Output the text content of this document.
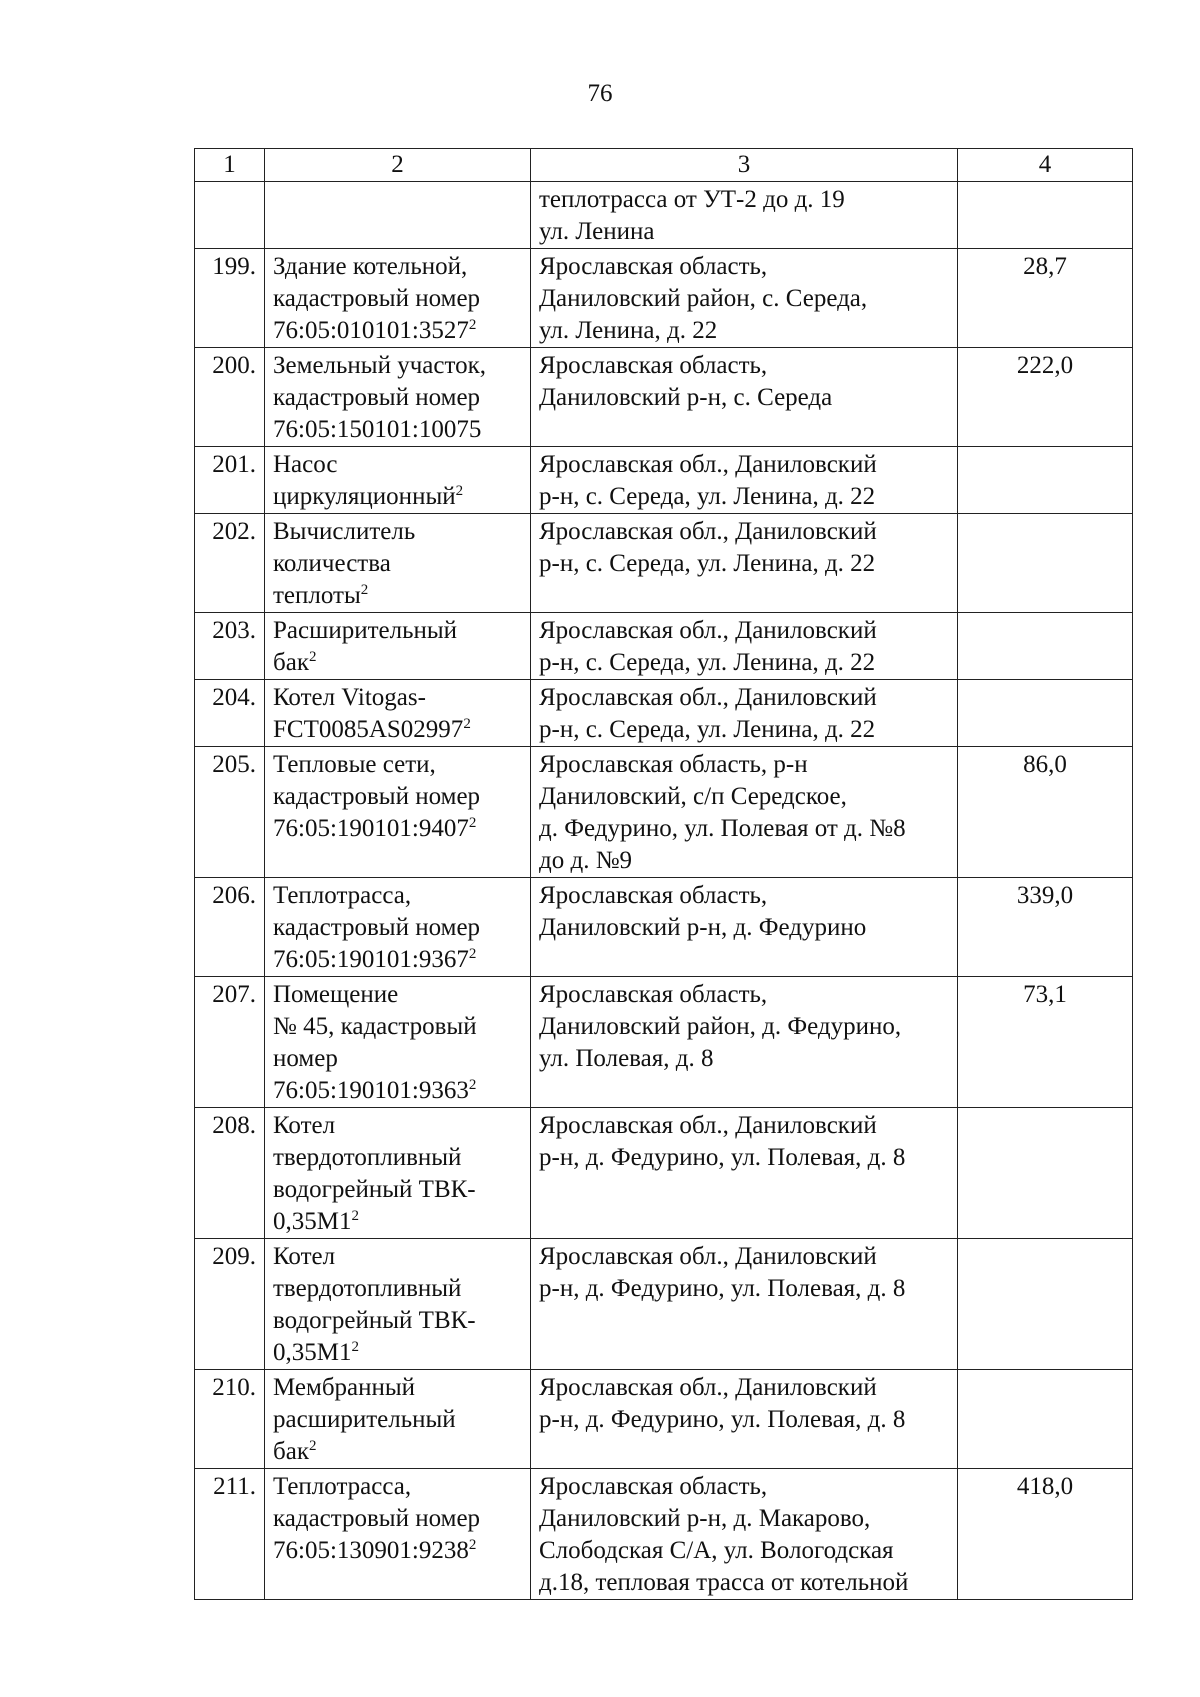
76
1	2	3	4

		теплотрасса от УТ-2 до д. 19
ул. Ленина	

199.	Здание котельной,
кадастровый номер
76:05:010101:3527$^2$	Ярославская область,
Даниловский район, с. Середа,
ул. Ленина, д. 22	28,7
200.	Земельный участок,
кадастровый номер
76:05:150101:10075	Ярославская область,
Даниловский р-н, с. Середа	222,0
201.	Насос
циркуляционный$^2$	Ярославская обл., Даниловский
р-н, с. Середа, ул. Ленина, д. 22	

202.	Вычислитель
количества
теплоты$^2$	Ярославская обл., Даниловский
р-н, с. Середа, ул. Ленина, д. 22	

203.	Расширительный
бак$^2$	Ярославская обл., Даниловский
р-н, с. Середа, ул. Ленина, д. 22	

204.	Котел Vitogas-
FCT0085AS02997$^2$	Ярославская обл., Даниловский
р-н, с. Середа, ул. Ленина, д. 22	

205.	Тепловые сети,
кадастровый номер
76:05:190101:9407$^2$	Ярославская область, р-н
Даниловский, с/п Середское,
д. Федурино, ул. Полевая от д. №8
до д. №9	86,0
206.	Теплотрасса,
кадастровый номер
76:05:190101:9367$^2$	Ярославская область,
Даниловский р-н, д. Федурино	339,0
207.	Помещение
№ 45, кадастровый
номер
76:05:190101:9363$^2$	Ярославская область,
Даниловский район, д. Федурино,
ул. Полевая, д. 8	73,1
208.	Котел
твердотопливный
водогрейный ТВК-
$0,35М1^2$	Ярославская обл., Даниловский
р-н, д. Федурино, ул. Полевая, д. 8	

209.	Котел
твердотопливный
водогрейный ТВК-
$0,35М1^2$	Ярославская обл., Даниловский
р-н, д. Федурино, ул. Полевая, д. 8	

210.	Мембранный
расширительный
бак$^2$	Ярославская обл., Даниловский
р-н, д. Федурино, ул. Полевая, д. 8	

211.	Теплотрасса,
кадастровый номер
76:05:130901:9238$^2$	Ярославская область,
Даниловский р-н, д. Макарово,
Слободская С/А, ул. Вологодская
д.18, тепловая трасса от котельной	418,0
